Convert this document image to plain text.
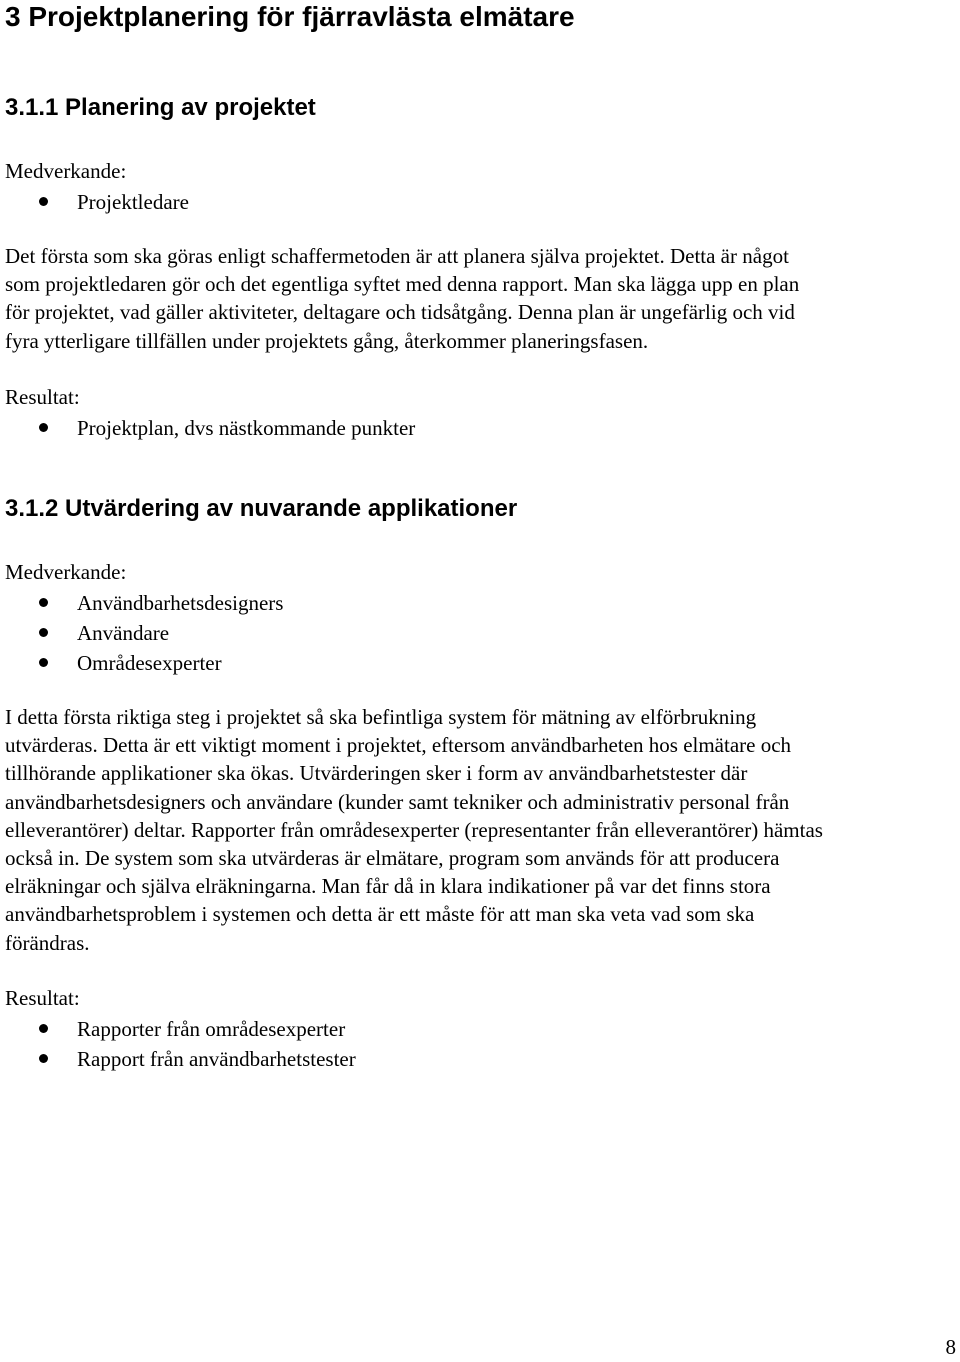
3 Projektplanering för fjärravlästa elmätare
3.1.1 Planering av projektet
Medverkande:
Projektledare
Det första som ska göras enligt schaffermetoden är att planera själva projektet. Detta är något
som projektledaren gör och det egentliga syftet med denna rapport. Man ska lägga upp en plan
för projektet, vad gäller aktiviteter, deltagare och tidsåtgång. Denna plan är ungefärlig och vid
fyra ytterligare tillfällen under projektets gång, återkommer planeringsfasen.
Resultat:
Projektplan, dvs nästkommande punkter
3.1.2 Utvärdering av nuvarande applikationer
Medverkande:
Användbarhetsdesigners
Användare
Områdesexperter
I detta första riktiga steg i projektet så ska befintliga system för mätning av elförbrukning
utvärderas. Detta är ett viktigt moment i projektet, eftersom användbarheten hos elmätare och
tillhörande applikationer ska ökas. Utvärderingen sker i form av användbarhetstester där
användbarhetsdesigners och användare (kunder samt tekniker och administrativ personal från
elleverantörer) deltar. Rapporter från områdesexperter (representanter från elleverantörer) hämtas
också in. De system som ska utvärderas är elmätare, program som används för att producera
elräkningar och själva elräkningarna. Man får då in klara indikationer på var det finns stora
användbarhetsproblem i systemen och detta är ett måste för att man ska veta vad som ska
förändras.
Resultat:
Rapporter från områdesexperter
Rapport från användbarhetstester
8
